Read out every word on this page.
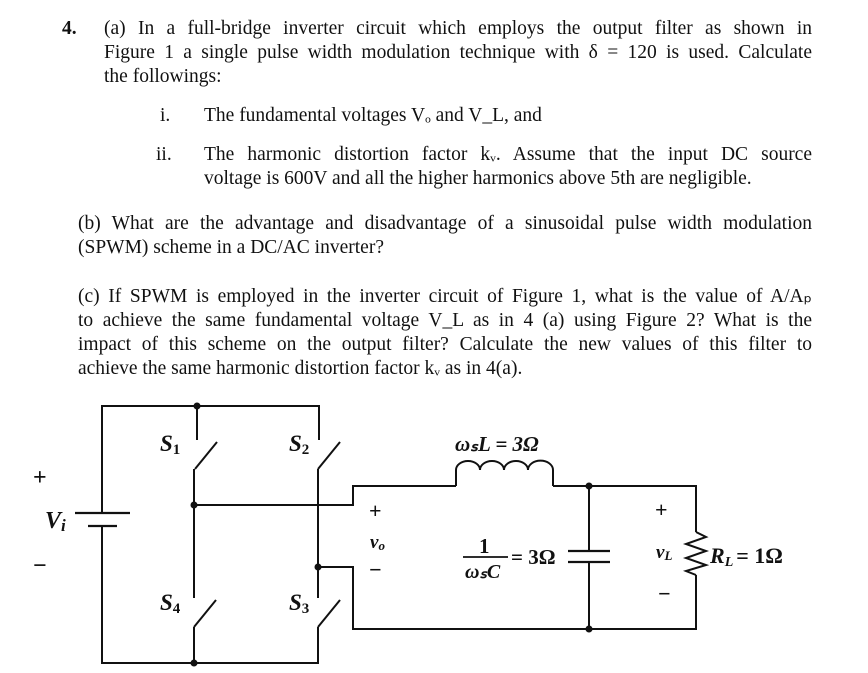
4. (a) In a full-bridge inverter circuit which employs the output filter as shown in
Figure 1 a single pulse width modulation technique with δ = 120 is used. Calculate
the followings:
i. The fundamental voltages Vₒ and V_L, and
ii. The harmonic distortion factor kᵥ. Assume that the input DC source
voltage is 600V and all the higher harmonics above 5th are negligible.
(b) What are the advantage and disadvantage of a sinusoidal pulse width modulation
(SPWM) scheme in a DC/AC inverter?
(c) If SPWM is employed in the inverter circuit of Figure 1, what is the value of A/Aₚ
to achieve the same fundamental voltage V_L as in 4 (a) using Figure 2? What is the
impact of this scheme on the output filter? Calculate the new values of this filter to
achieve the same harmonic distortion factor kᵥ as in 4(a).
+
−
Vi
S1	S2
S4	S3
+
vo
−
ωₛL = 3Ω
1
ωₛC
= 3Ω
+
vL
−
RL = 1Ω
